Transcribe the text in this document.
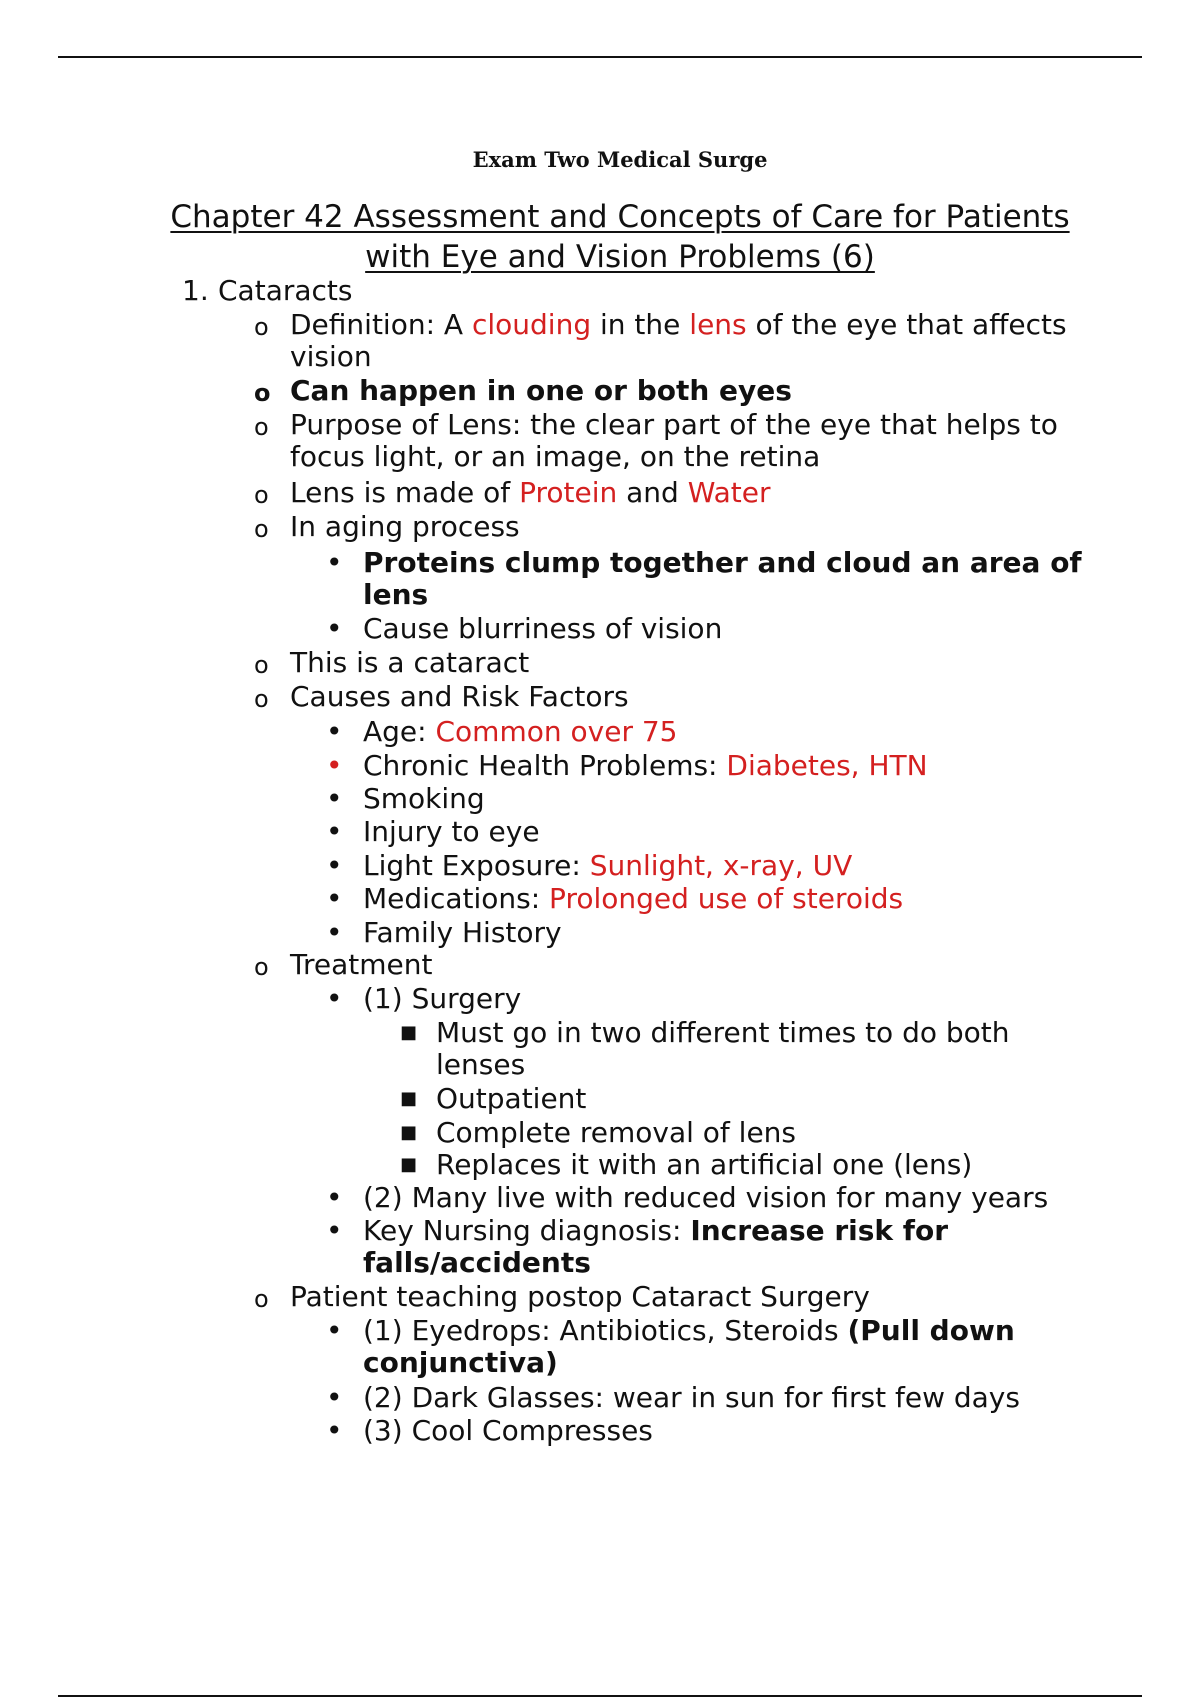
Exam Two Medical Surge
Chapter 42 Assessment and Concepts of Care for Patients with Eye and Vision Problems (6)
1. Cataracts
o Definition: A clouding in the lens of the eye that affects vision
o Can happen in one or both eyes
o Purpose of Lens: the clear part of the eye that helps to focus light, or an image, on the retina
o Lens is made of Protein and Water
o In aging process
• Proteins clump together and cloud an area of lens
• Cause blurriness of vision
o This is a cataract
o Causes and Risk Factors
• Age: Common over 75
• Chronic Health Problems: Diabetes, HTN
• Smoking
• Injury to eye
• Light Exposure: Sunlight, x-ray, UV
• Medications: Prolonged use of steroids
• Family History
o Treatment
• (1) Surgery
■ Must go in two different times to do both lenses
■ Outpatient
■ Complete removal of lens
■ Replaces it with an artificial one (lens)
• (2) Many live with reduced vision for many years
• Key Nursing diagnosis: Increase risk for falls/accidents
o Patient teaching postop Cataract Surgery
• (1) Eyedrops: Antibiotics, Steroids (Pull down conjunctiva)
• (2) Dark Glasses: wear in sun for first few days
• (3) Cool Compresses
